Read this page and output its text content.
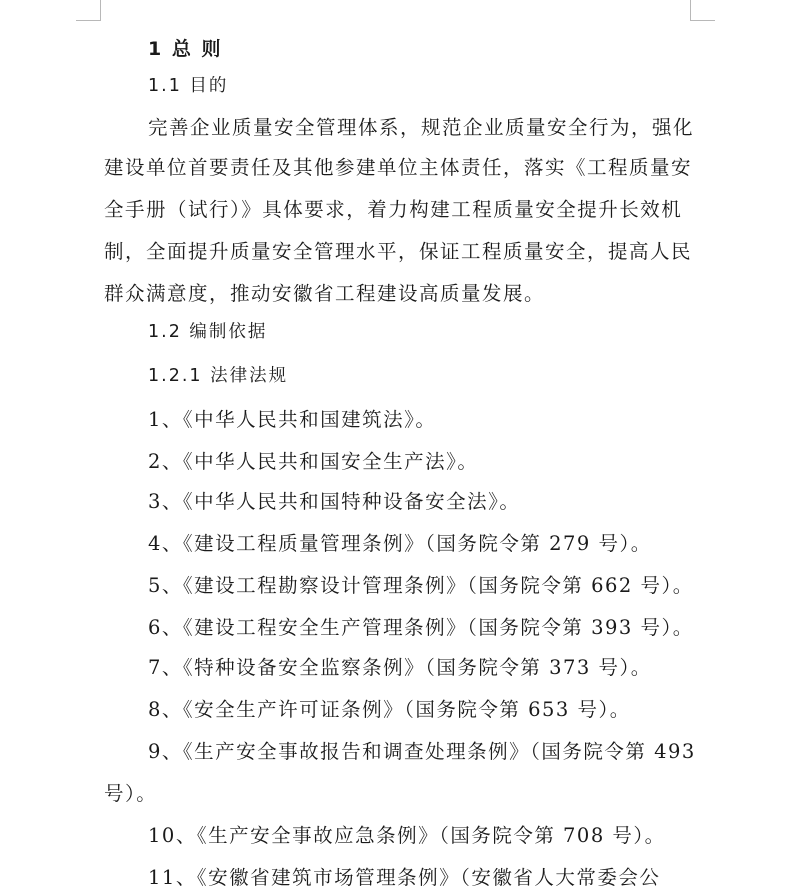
1 总 则
1.1 目的
完善企业质量安全管理体系，规范企业质量安全行为，强化
建设单位首要责任及其他参建单位主体责任，落实《工程质量安
全手册（试行）》具体要求，着力构建工程质量安全提升长效机
制，全面提升质量安全管理水平，保证工程质量安全，提高人民
群众满意度，推动安徽省工程建设高质量发展。
1.2 编制依据
1.2.1 法律法规
1、《中华人民共和国建筑法》。
2、《中华人民共和国安全生产法》。
3、《中华人民共和国特种设备安全法》。
4、《建设工程质量管理条例》（国务院令第 279 号）。
5、《建设工程勘察设计管理条例》（国务院令第 662 号）。
6、《建设工程安全生产管理条例》（国务院令第 393 号）。
7、《特种设备安全监察条例》（国务院令第 373 号）。
8、《安全生产许可证条例》（国务院令第 653 号）。
9、《生产安全事故报告和调查处理条例》（国务院令第 493
号）。
10、《生产安全事故应急条例》（国务院令第 708 号）。
11、《安徽省建筑市场管理条例》（安徽省人大常委会公
